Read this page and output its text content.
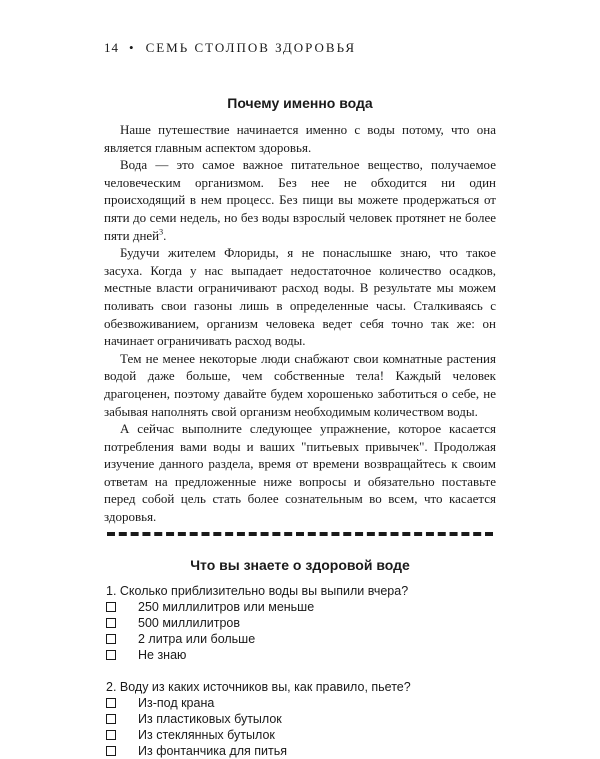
14 • СЕМЬ СТОЛПОВ ЗДОРОВЬЯ
Почему именно вода

Наше путешествие начинается именно с воды потому, что она является главным аспектом здоровья.

Вода — это самое важное питательное вещество, получаемое человеческим организмом. Без нее не обходится ни один происходящий в нем процесс. Без пищи вы можете продержаться от пяти до семи недель, но без воды взрослый человек протянет не более пяти дней$^3$.

Будучи жителем Флориды, я не понаслышке знаю, что такое засуха. Когда у нас выпадает недостаточное количество осадков, местные власти ограничивают расход воды. В результате мы можем поливать свои газоны лишь в определенные часы. Сталкиваясь с обезвоживанием, организм человека ведет себя точно так же: он начинает ограничивать расход воды.

Тем не менее некоторые люди снабжают свои комнатные растения водой даже больше, чем собственные тела! Каждый человек драгоценен, поэтому давайте будем хорошенько заботиться о себе, не забывая наполнять свой организм необходимым количеством воды.

А сейчас выполните следующее упражнение, которое касается потребления вами воды и ваших "питьевых привычек". Продолжая изучение данного раздела, время от времени возвращайтесь к своим ответам на предложенные ниже вопросы и обязательно поставьте перед собой цель стать более сознательным во всем, что касается здоровья.

Что вы знаете о здоровой воде
1. Сколько приблизительно воды вы выпили вчера?
250 миллилитров или меньше
500 миллилитров
2 литра или больше
Не знаю
2. Воду из каких источников вы, как правило, пьете?
Из-под крана
Из пластиковых бутылок
Из стеклянных бутылок
Из фонтанчика для питья
